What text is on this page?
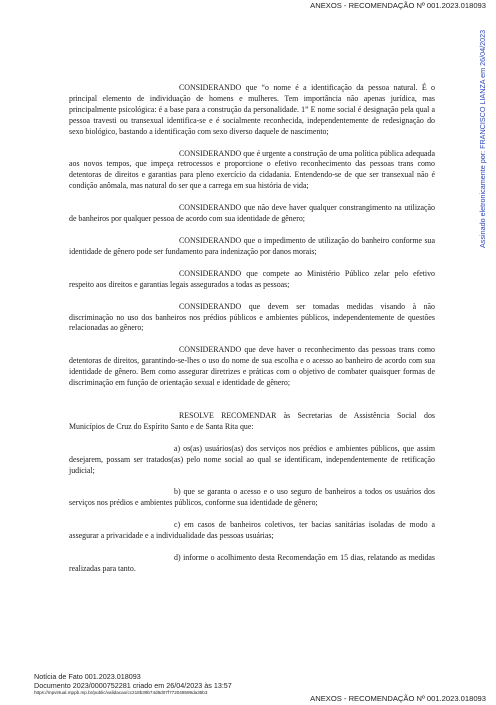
ANEXOS - RECOMENDAÇÃO Nº 001.2023.018093

CONSIDERANDO que “o nome é a identificação da pessoa natural. É o principal elemento de individuação de homens e mulheres. Tem importância não apenas jurídica, mas principalmente psicológica: é a base para a construção da personalidade. 1” E nome social é designação pela qual a pessoa travesti ou transexual identifica-se e é socialmente reconhecida, independentemente de redesignação do sexo biológico, bastando a identificação com sexo diverso daquele de nascimento;

CONSIDERANDO que é urgente a construção de uma política pública adequada aos novos tempos, que impeça retrocessos e proporcione o efetivo reconhecimento das pessoas trans como detentoras de direitos e garantias para pleno exercício da cidadania. Entendendo-se de que ser transexual não é condição anômala, mas natural do ser que a carrega em sua história de vida;

CONSIDERANDO que não deve haver qualquer constrangimento na utilização de banheiros por qualquer pessoa de acordo com sua identidade de gênero;

CONSIDERANDO que o impedimento de utilização do banheiro conforme sua identidade de gênero pode ser fundamento para indenização por danos morais;

CONSIDERANDO que compete ao Ministério Público zelar pelo efetivo respeito aos direitos e garantias legais assegurados a todas as pessoas;

CONSIDERANDO que devem ser tomadas medidas visando à não discriminação no uso dos banheiros nos prédios públicos e ambientes públicos, independentemente de questões relacionadas ao gênero;

CONSIDERANDO que deve haver o reconhecimento das pessoas trans como detentoras de direitos, garantindo-se-lhes o uso do nome de sua escolha e o acesso ao banheiro de acordo com sua identidade de gênero. Bem como assegurar diretrizes e práticas com o objetivo de combater quaisquer formas de discriminação em função de orientação sexual e identidade de gênero;

RESOLVE RECOMENDAR às Secretarias de Assistência Social dos Municípios de Cruz do Espírito Santo e de Santa Rita que:

a) os(as) usuários(as) dos serviços nos prédios e ambientes públicos, que assim desejarem, possam ser tratados(as) pelo nome social ao qual se identificam, independentemente de retificação judicial;

b) que se garanta o acesso e o uso seguro de banheiros a todos os usuários dos serviços nos prédios e ambientes públicos, conforme sua identidade de gênero;

c) em casos de banheiros coletivos, ter bacias sanitárias isoladas de modo a assegurar a privacidade e a individualidade das pessoas usuárias;

d) informe o acolhimento desta Recomendação em 15 dias, relatando as medidas realizadas para tanto.

Assinado eletronicamente por: FRANCISCO LIANZA em 26/04/2023
Notícia de Fato 001.2023.018093
Documento 2023/0000752281 criado em 26/04/2023 às 13:57
https://mpvirtual.mppb.mp.br/public/validacao/cc218b39b74d8d07f772048599da35b3
ANEXOS - RECOMENDAÇÃO Nº 001.2023.018093
